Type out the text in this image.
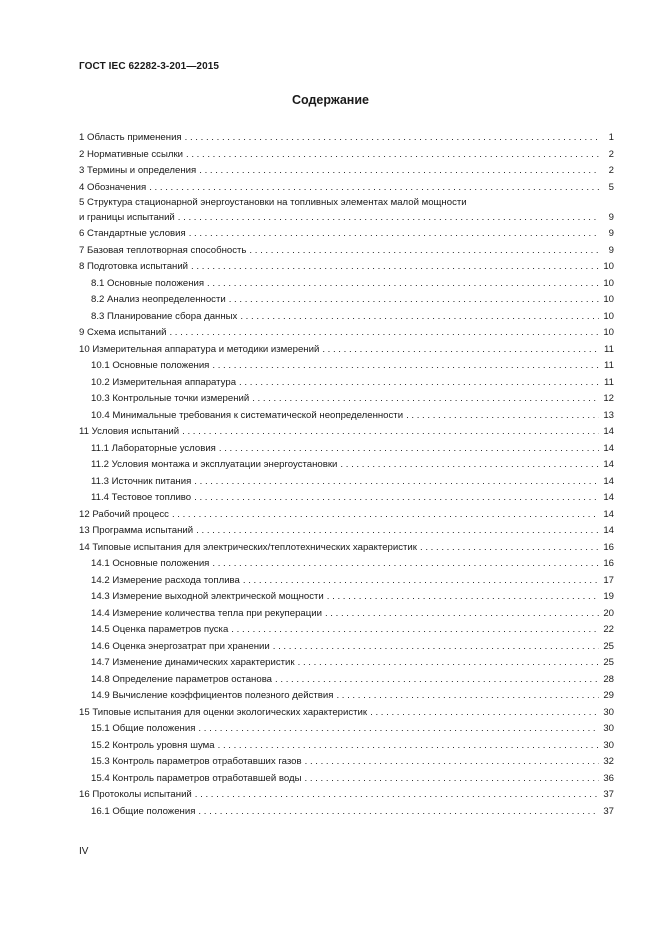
ГОСТ IEC 62282-3-201—2015
Содержание
1 Область применения . . .	1
2 Нормативные ссылки . . .	2
3 Термины и определения . . .	2
4 Обозначения . . .	5
5 Структура стационарной энергоустановки на топливных элементах малой мощности
и границы испытаний . . .	9
6 Стандартные условия . . .	9
7 Базовая теплотворная способность . . .	9
8 Подготовка испытаний . . .	10
8.1 Основные положения . . .	10
8.2 Анализ неопределенности . . .	10
8.3 Планирование сбора данных . . .	10
9 Схема испытаний . . .	10
10 Измерительная аппаратура и методики измерений . . .	11
10.1 Основные положения . . .	11
10.2 Измерительная аппаратура . . .	11
10.3 Контрольные точки измерений . . .	12
10.4 Минимальные требования к систематической неопределенности . . .	13
11 Условия испытаний . . .	14
11.1 Лабораторные условия . . .	14
11.2 Условия монтажа и эксплуатации энергоустановки . . .	14
11.3 Источник питания . . .	14
11.4 Тестовое топливо . . .	14
12 Рабочий процесс . . .	14
13 Программа испытаний . . .	14
14 Типовые испытания для электрических/теплотехнических характеристик . . .	16
14.1 Основные положения . . .	16
14.2 Измерение расхода топлива . . .	17
14.3 Измерение выходной электрической мощности . . .	19
14.4 Измерение количества тепла при рекуперации . . .	20
14.5 Оценка параметров пуска . . .	22
14.6 Оценка энергозатрат при хранении . . .	25
14.7 Изменение динамических характеристик . . .	25
14.8 Определение параметров останова . . .	28
14.9 Вычисление коэффициентов полезного действия . . .	29
15 Типовые испытания для оценки экологических характеристик . . .	30
15.1 Общие положения . . .	30
15.2 Контроль уровня шума . . .	30
15.3 Контроль параметров отработавших газов . . .	32
15.4 Контроль параметров отработавшей воды . . .	36
16 Протоколы испытаний . . .	37
16.1 Общие положения . . .	37
IV
